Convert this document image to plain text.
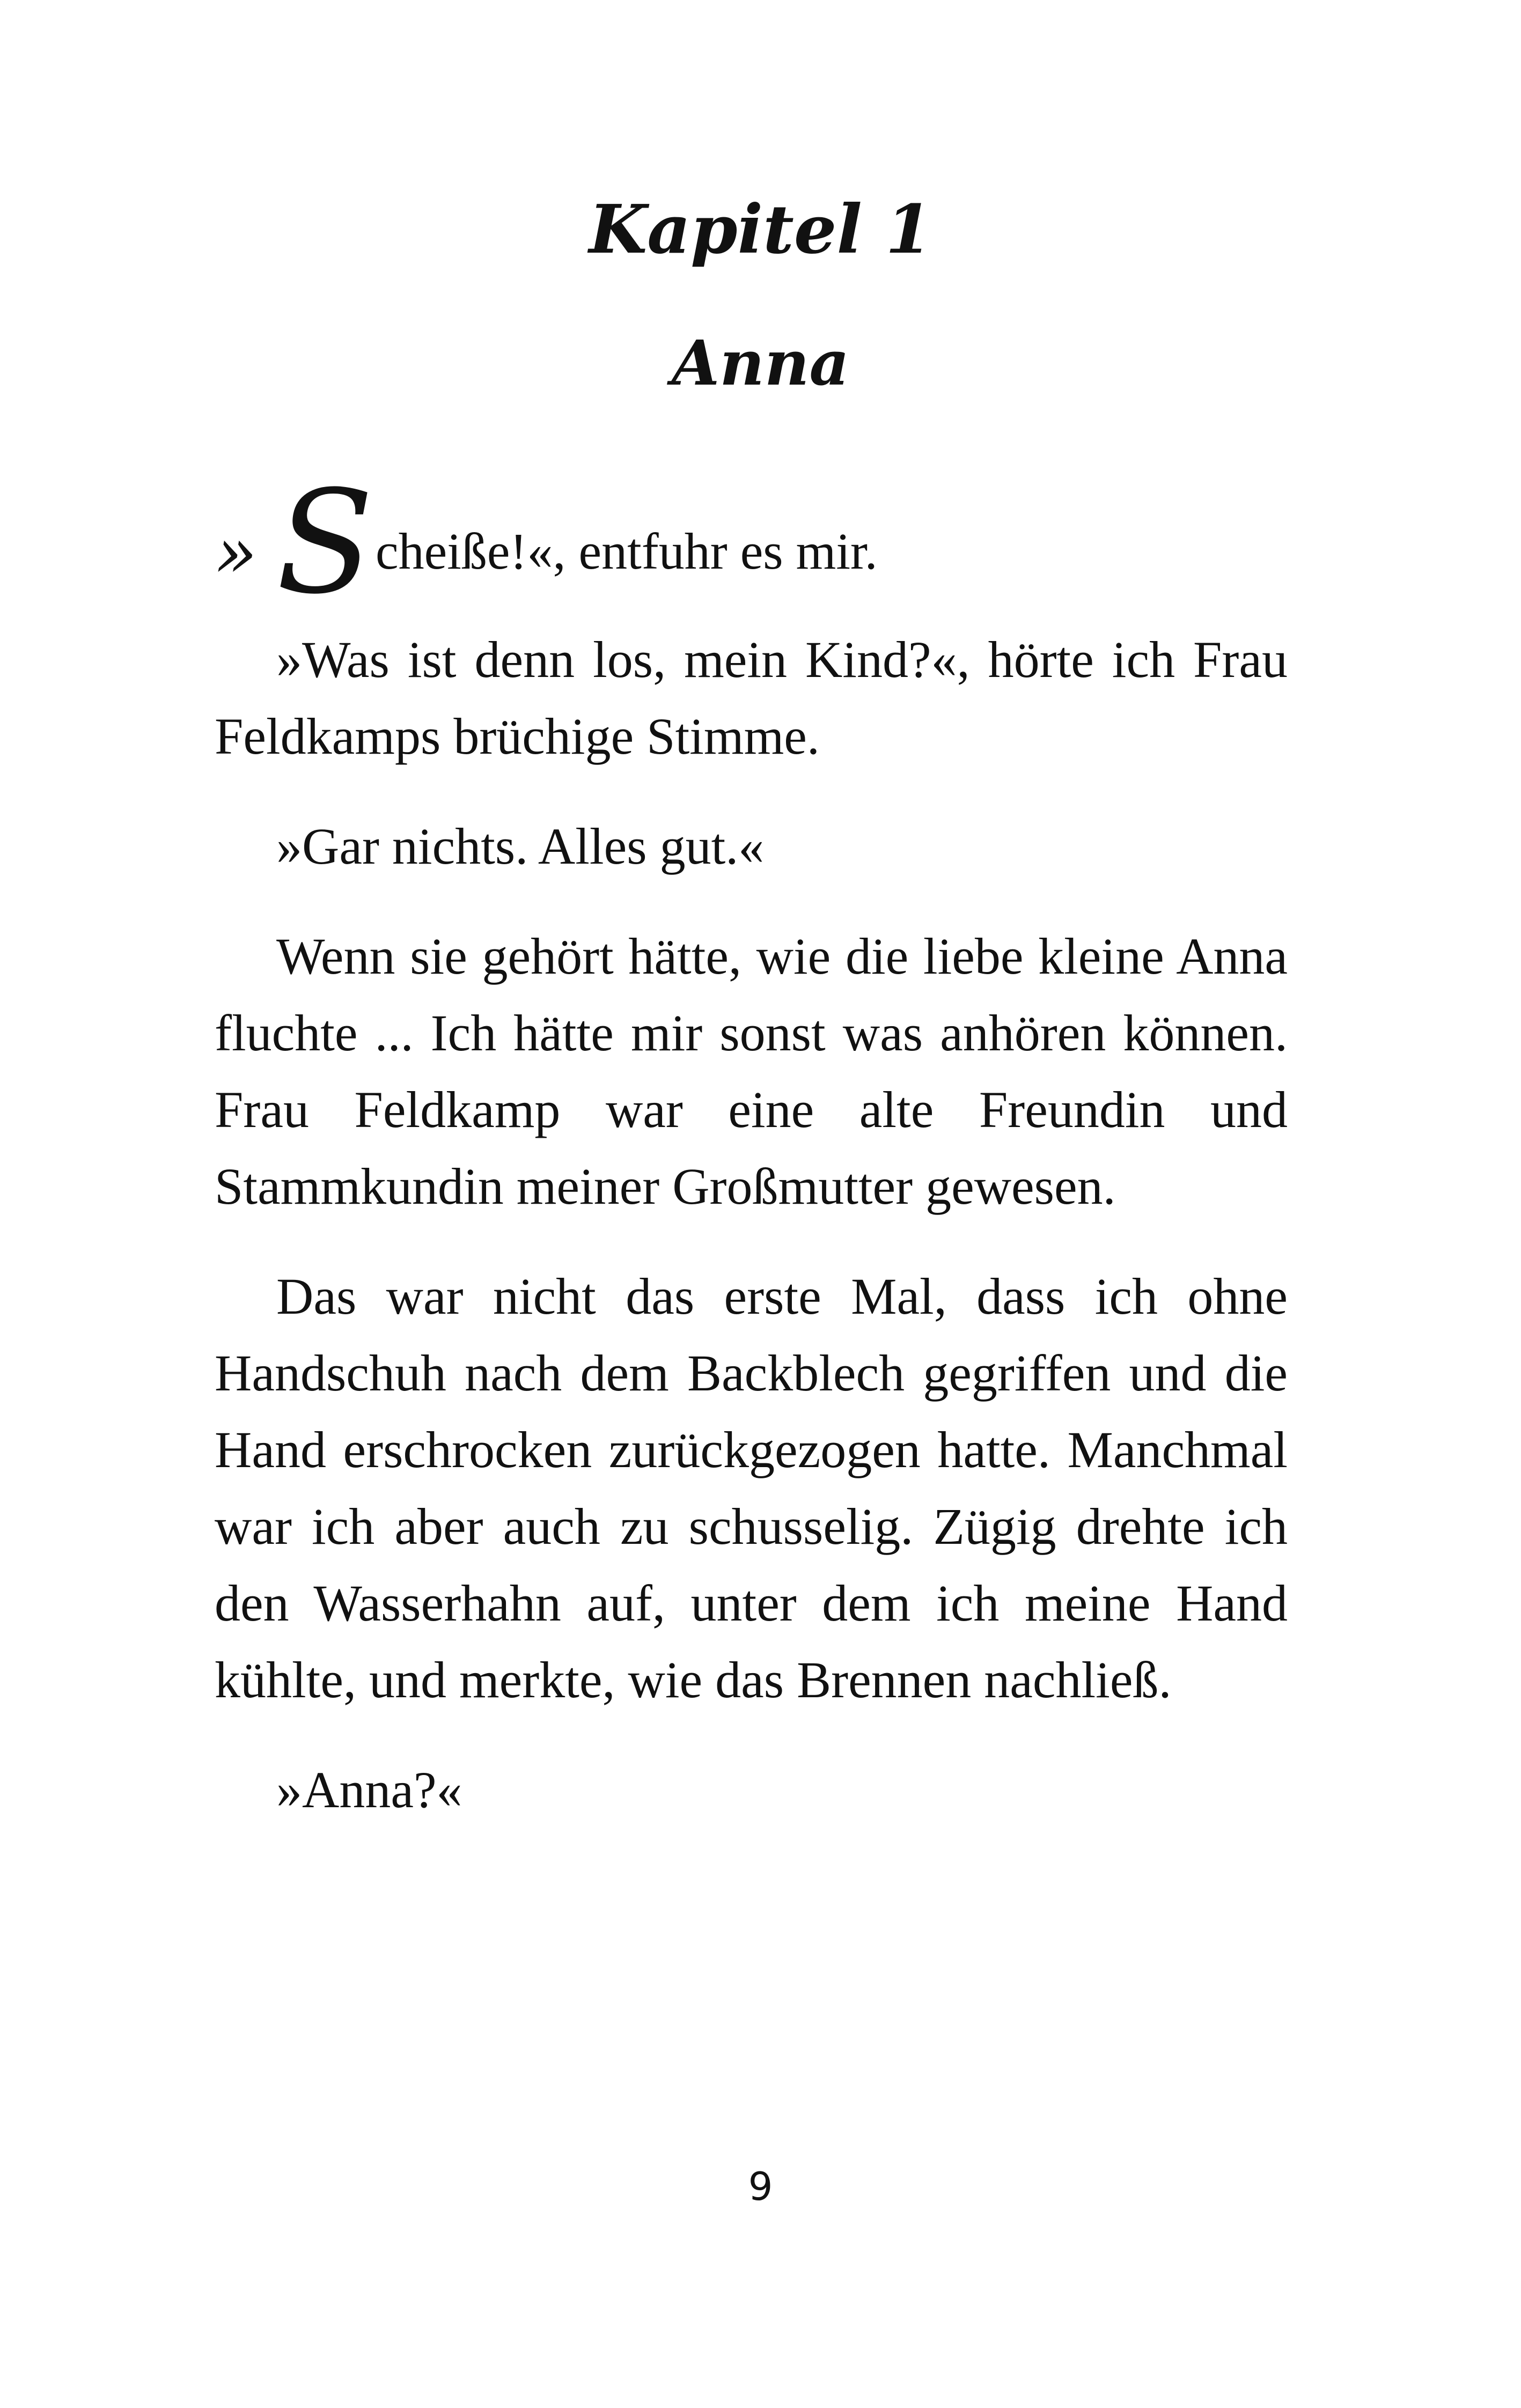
Kapitel 1
Anna

» S cheiße!«, entfuhr es mir.

»Was ist denn los, mein Kind?«, hörte ich Frau Feldkamps brüchige Stimme.

»Gar nichts. Alles gut.«

Wenn sie gehört hätte, wie die liebe kleine Anna fluchte ... Ich hätte mir sonst was anhören können. Frau Feldkamp war eine alte Freundin und Stammkundin meiner Großmutter gewesen.

Das war nicht das erste Mal, dass ich ohne Handschuh nach dem Backblech gegriffen und die Hand erschrocken zurückgezogen hatte. Manchmal war ich aber auch zu schusselig. Zügig drehte ich den Wasserhahn auf, unter dem ich meine Hand kühlte, und merkte, wie das Brennen nachließ.

»Anna?«

9
